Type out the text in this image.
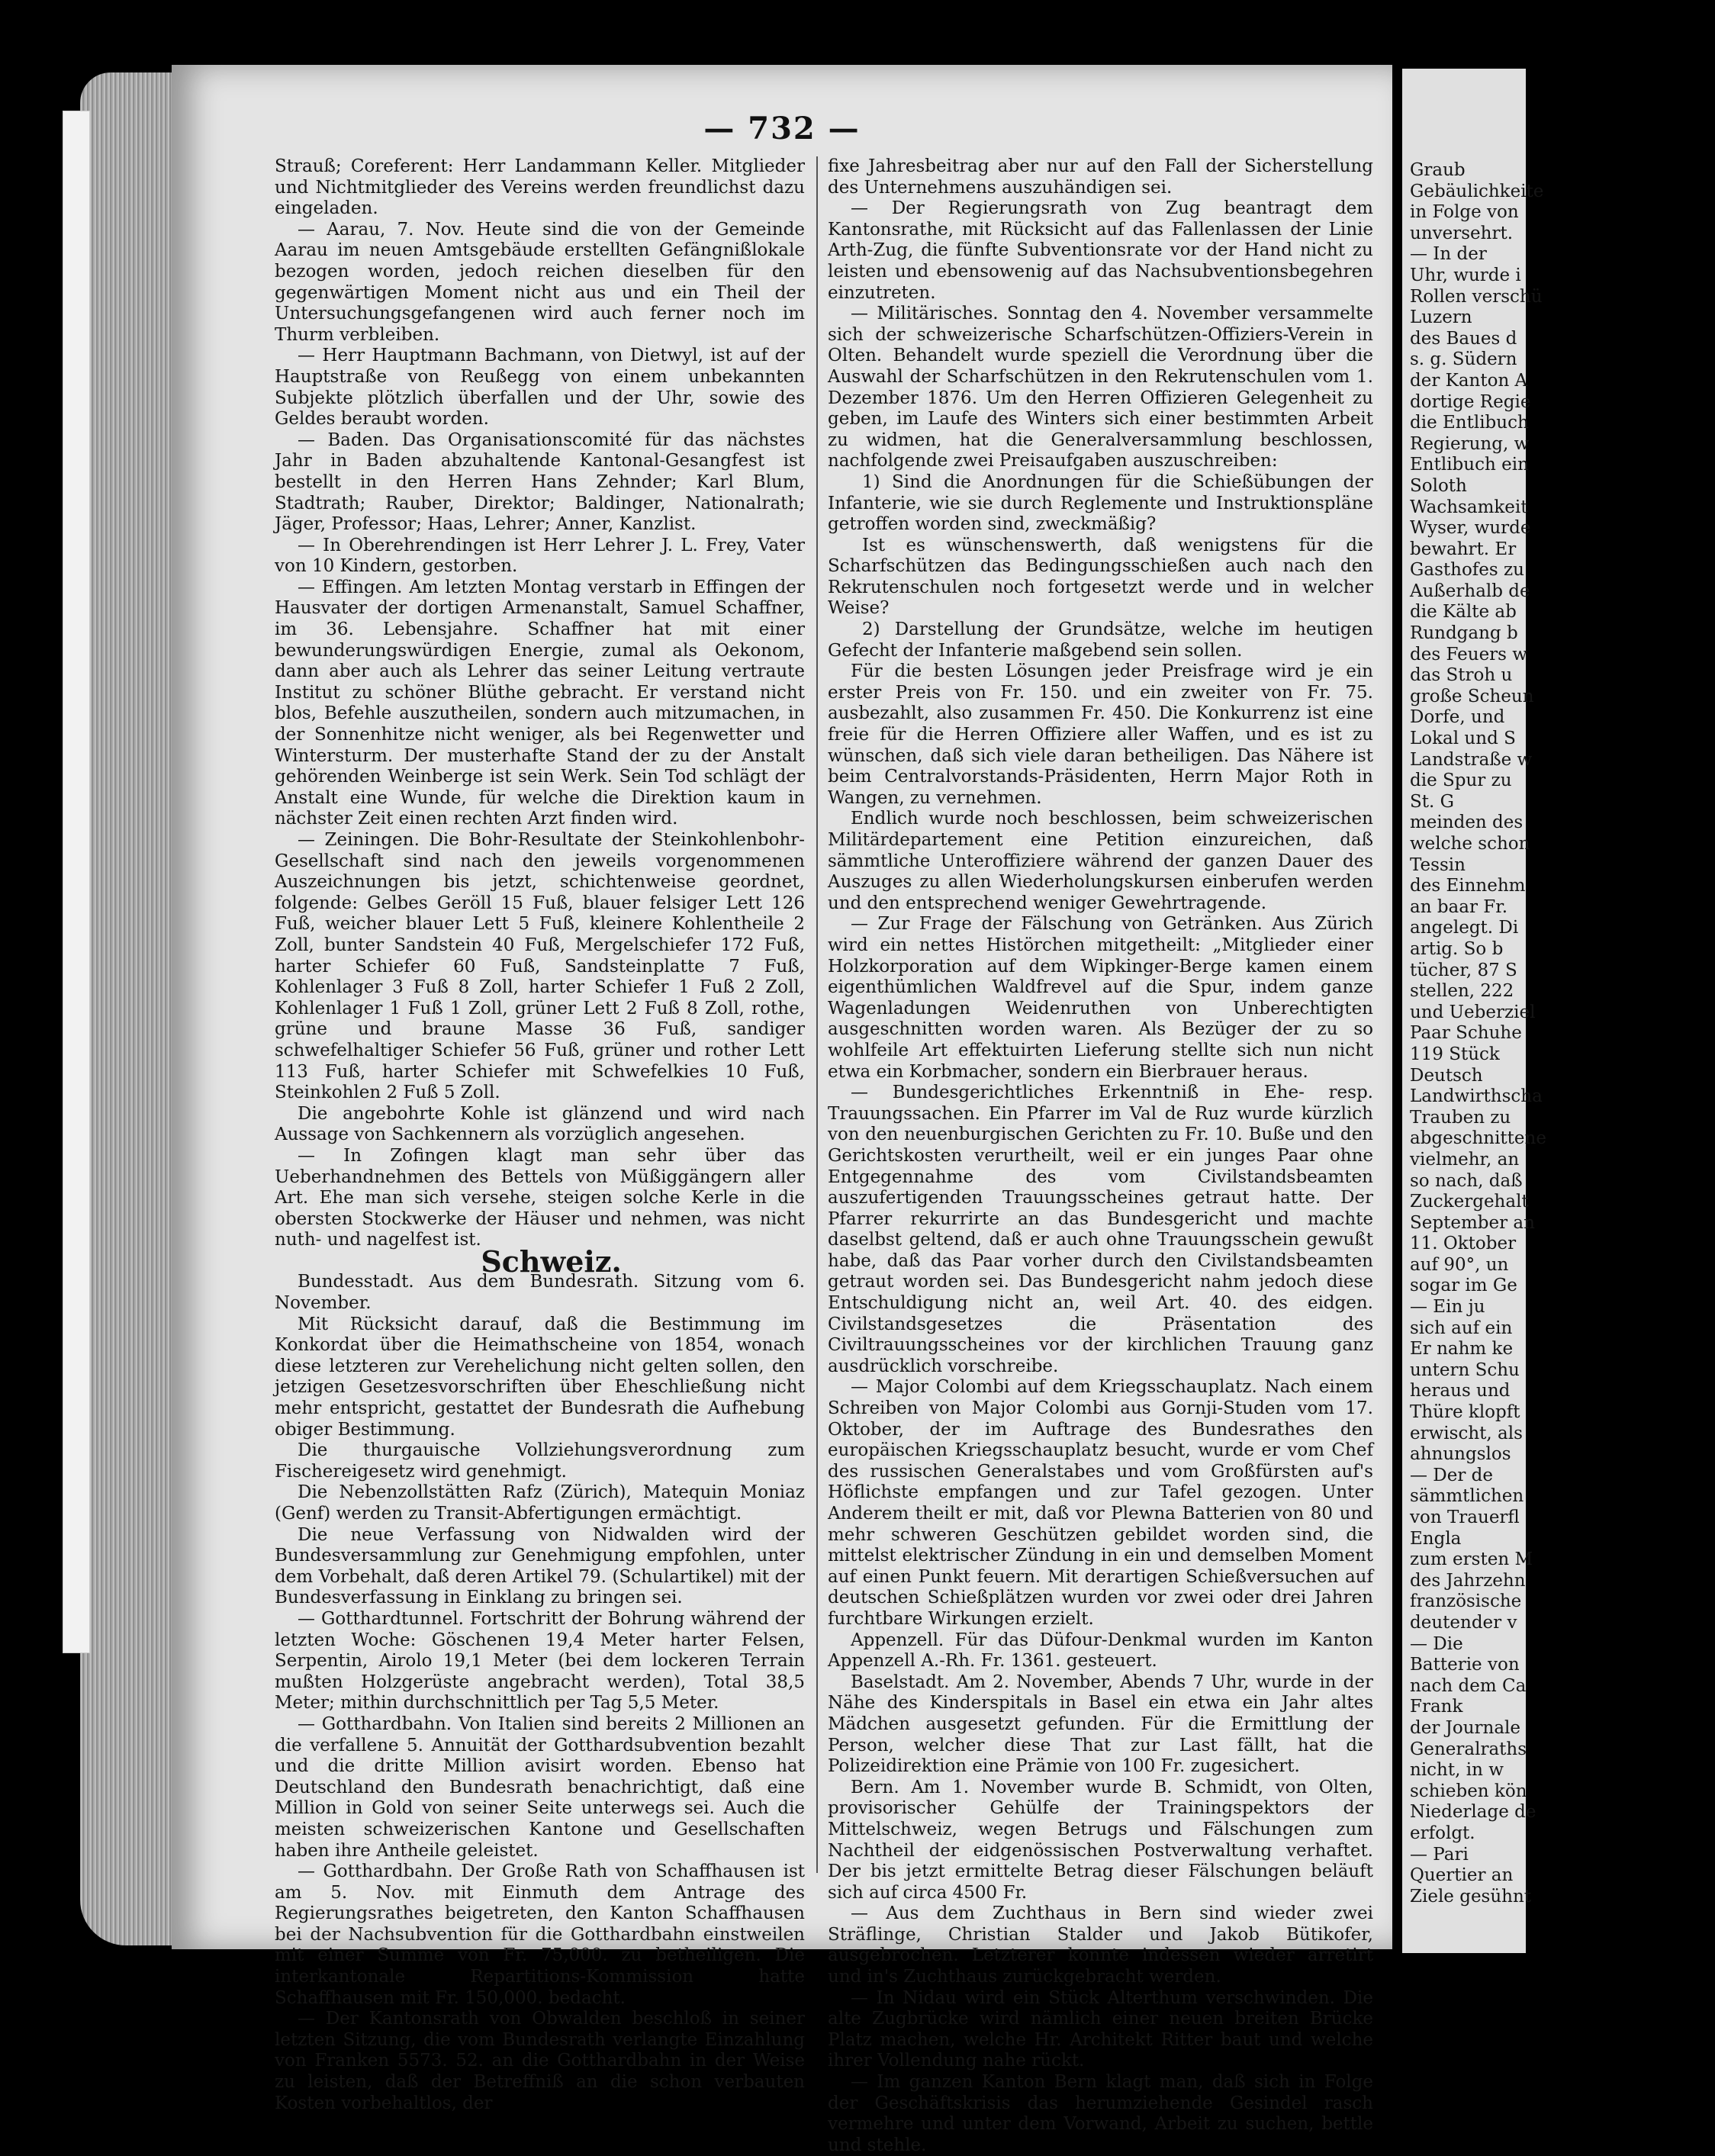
— 732 —

Strauß; Coreferent: Herr Landammann Keller. Mitglieder und Nichtmitglieder des Vereins werden freundlichst dazu eingeladen.

— Aarau, 7. Nov. Heute sind die von der Gemeinde Aarau im neuen Amtsgebäude erstellten Gefängnißlokale bezogen worden, jedoch reichen dieselben für den gegenwärtigen Moment nicht aus und ein Theil der Untersuchungsgefangenen wird auch ferner noch im Thurm verbleiben.

— Herr Hauptmann Bachmann, von Dietwyl, ist auf der Hauptstraße von Reußegg von einem unbekannten Subjekte plötzlich überfallen und der Uhr, sowie des Geldes beraubt worden.

— Baden. Das Organisationscomité für das nächstes Jahr in Baden abzuhaltende Kantonal-Gesangfest ist bestellt in den Herren Hans Zehnder; Karl Blum, Stadtrath; Rauber, Direktor; Baldinger, Nationalrath; Jäger, Professor; Haas, Lehrer; Anner, Kanzlist.

— In Oberehrendingen ist Herr Lehrer J. L. Frey, Vater von 10 Kindern, gestorben.

— Effingen. Am letzten Montag verstarb in Effingen der Hausvater der dortigen Armenanstalt, Samuel Schaffner, im 36. Lebensjahre. Schaffner hat mit einer bewunderungswürdigen Energie, zumal als Oekonom, dann aber auch als Lehrer das seiner Leitung vertraute Institut zu schöner Blüthe gebracht. Er verstand nicht blos, Befehle auszutheilen, sondern auch mitzumachen, in der Sonnenhitze nicht weniger, als bei Regenwetter und Wintersturm. Der musterhafte Stand der zu der Anstalt gehörenden Weinberge ist sein Werk. Sein Tod schlägt der Anstalt eine Wunde, für welche die Direktion kaum in nächster Zeit einen rechten Arzt finden wird.

— Zeiningen. Die Bohr-Resultate der Steinkohlenbohr-Gesellschaft sind nach den jeweils vorgenommenen Auszeichnungen bis jetzt, schichtenweise geordnet, folgende: Gelbes Geröll 15 Fuß, blauer felsiger Lett 126 Fuß, weicher blauer Lett 5 Fuß, kleinere Kohlentheile 2 Zoll, bunter Sandstein 40 Fuß, Mergelschiefer 172 Fuß, harter Schiefer 60 Fuß, Sandsteinplatte 7 Fuß, Kohlenlager 3 Fuß 8 Zoll, harter Schiefer 1 Fuß 2 Zoll, Kohlenlager 1 Fuß 1 Zoll, grüner Lett 2 Fuß 8 Zoll, rothe, grüne und braune Masse 36 Fuß, sandiger schwefelhaltiger Schiefer 56 Fuß, grüner und rother Lett 113 Fuß, harter Schiefer mit Schwefelkies 10 Fuß, Steinkohlen 2 Fuß 5 Zoll.

Die angebohrte Kohle ist glänzend und wird nach Aussage von Sachkennern als vorzüglich angesehen.

— In Zofingen klagt man sehr über das Ueberhandnehmen des Bettels von Müßiggängern aller Art. Ehe man sich versehe, steigen solche Kerle in die obersten Stockwerke der Häuser und nehmen, was nicht nuth- und nagelfest ist.

Schweiz.

Bundesstadt. Aus dem Bundesrath. Sitzung vom 6. November.

Mit Rücksicht darauf, daß die Bestimmung im Konkordat über die Heimathscheine von 1854, wonach diese letzteren zur Verehelichung nicht gelten sollen, den jetzigen Gesetzesvorschriften über Eheschließung nicht mehr entspricht, gestattet der Bundesrath die Aufhebung obiger Bestimmung.

Die thurgauische Vollziehungsverordnung zum Fischereigesetz wird genehmigt.

Die Nebenzollstätten Rafz (Zürich), Matequin Moniaz (Genf) werden zu Transit-Abfertigungen ermächtigt.

Die neue Verfassung von Nidwalden wird der Bundesversammlung zur Genehmigung empfohlen, unter dem Vorbehalt, daß deren Artikel 79. (Schulartikel) mit der Bundesverfassung in Einklang zu bringen sei.

— Gotthardtunnel. Fortschritt der Bohrung während der letzten Woche: Göschenen 19,4 Meter harter Felsen, Serpentin, Airolo 19,1 Meter (bei dem lockeren Terrain mußten Holzgerüste angebracht werden), Total 38,5 Meter; mithin durchschnittlich per Tag 5,5 Meter.

— Gotthardbahn. Von Italien sind bereits 2 Millionen an die verfallene 5. Annuität der Gotthardsubvention bezahlt und die dritte Million avisirt worden. Ebenso hat Deutschland den Bundesrath benachrichtigt, daß eine Million in Gold von seiner Seite unterwegs sei. Auch die meisten schweizerischen Kantone und Gesellschaften haben ihre Antheile geleistet.

— Gotthardbahn. Der Große Rath von Schaffhausen ist am 5. Nov. mit Einmuth dem Antrage des Regierungsrathes beigetreten, den Kanton Schaffhausen bei der Nachsubvention für die Gotthardbahn einstweilen mit einer Summe von Fr. 75,000. zu betheiligen. Die interkantonale Repartitions-Kommission hatte Schaffhausen mit Fr. 150,000. bedacht.

— Der Kantonsrath von Obwalden beschloß in seiner letzten Sitzung, die vom Bundesrath verlangte Einzahlung von Franken 5573. 52. an die Gotthardbahn in der Weise zu leisten, daß der Betreffniß an die schon verbauten Kosten vorbehaltlos, der

fixe Jahresbeitrag aber nur auf den Fall der Sicherstellung des Unternehmens auszuhändigen sei.

— Der Regierungsrath von Zug beantragt dem Kantonsrathe, mit Rücksicht auf das Fallenlassen der Linie Arth-Zug, die fünfte Subventionsrate vor der Hand nicht zu leisten und ebensowenig auf das Nachsubventionsbegehren einzutreten.

— Militärisches. Sonntag den 4. November versammelte sich der schweizerische Scharfschützen-Offiziers-Verein in Olten. Behandelt wurde speziell die Verordnung über die Auswahl der Scharfschützen in den Rekrutenschulen vom 1. Dezember 1876. Um den Herren Offizieren Gelegenheit zu geben, im Laufe des Winters sich einer bestimmten Arbeit zu widmen, hat die Generalversammlung beschlossen, nachfolgende zwei Preisaufgaben auszuschreiben:

1) Sind die Anordnungen für die Schießübungen der Infanterie, wie sie durch Reglemente und Instruktionspläne getroffen worden sind, zweckmäßig?

Ist es wünschenswerth, daß wenigstens für die Scharfschützen das Bedingungsschießen auch nach den Rekrutenschulen noch fortgesetzt werde und in welcher Weise?

2) Darstellung der Grundsätze, welche im heutigen Gefecht der Infanterie maßgebend sein sollen.

Für die besten Lösungen jeder Preisfrage wird je ein erster Preis von Fr. 150. und ein zweiter von Fr. 75. ausbezahlt, also zusammen Fr. 450. Die Konkurrenz ist eine freie für die Herren Offiziere aller Waffen, und es ist zu wünschen, daß sich viele daran betheiligen. Das Nähere ist beim Centralvorstands-Präsidenten, Herrn Major Roth in Wangen, zu vernehmen.

Endlich wurde noch beschlossen, beim schweizerischen Militärdepartement eine Petition einzureichen, daß sämmtliche Unteroffiziere während der ganzen Dauer des Auszuges zu allen Wiederholungskursen einberufen werden und den entsprechend weniger Gewehrtragende.

— Zur Frage der Fälschung von Getränken. Aus Zürich wird ein nettes Histörchen mitgetheilt: „Mitglieder einer Holzkorporation auf dem Wipkinger-Berge kamen einem eigenthümlichen Waldfrevel auf die Spur, indem ganze Wagenladungen Weidenruthen von Unberechtigten ausgeschnitten worden waren. Als Bezüger der zu so wohlfeile Art effektuirten Lieferung stellte sich nun nicht etwa ein Korbmacher, sondern ein Bierbrauer heraus.

— Bundesgerichtliches Erkenntniß in Ehe- resp. Trauungssachen. Ein Pfarrer im Val de Ruz wurde kürzlich von den neuenburgischen Gerichten zu Fr. 10. Buße und den Gerichtskosten verurtheilt, weil er ein junges Paar ohne Entgegennahme des vom Civilstandsbeamten auszufertigenden Trauungsscheines getraut hatte. Der Pfarrer rekurrirte an das Bundesgericht und machte daselbst geltend, daß er auch ohne Trauungsschein gewußt habe, daß das Paar vorher durch den Civilstandsbeamten getraut worden sei. Das Bundesgericht nahm jedoch diese Entschuldigung nicht an, weil Art. 40. des eidgen. Civilstandsgesetzes die Präsentation des Civiltrauungsscheines vor der kirchlichen Trauung ganz ausdrücklich vorschreibe.

— Major Colombi auf dem Kriegsschauplatz. Nach einem Schreiben von Major Colombi aus Gornji-Studen vom 17. Oktober, der im Auftrage des Bundesrathes den europäischen Kriegsschauplatz besucht, wurde er vom Chef des russischen Generalstabes und vom Großfürsten auf's Höflichste empfangen und zur Tafel gezogen. Unter Anderem theilt er mit, daß vor Plewna Batterien von 80 und mehr schweren Geschützen gebildet worden sind, die mittelst elektrischer Zündung in ein und demselben Moment auf einen Punkt feuern. Mit derartigen Schießversuchen auf deutschen Schießplätzen wurden vor zwei oder drei Jahren furchtbare Wirkungen erzielt.

Appenzell. Für das Düfour-Denkmal wurden im Kanton Appenzell A.-Rh. Fr. 1361. gesteuert.

Baselstadt. Am 2. November, Abends 7 Uhr, wurde in der Nähe des Kinderspitals in Basel ein etwa ein Jahr altes Mädchen ausgesetzt gefunden. Für die Ermittlung der Person, welcher diese That zur Last fällt, hat die Polizeidirektion eine Prämie von 100 Fr. zugesichert.

Bern. Am 1. November wurde B. Schmidt, von Olten, provisorischer Gehülfe der Trainingspektors der Mittelschweiz, wegen Betrugs und Fälschungen zum Nachtheil der eidgenössischen Postverwaltung verhaftet. Der bis jetzt ermittelte Betrag dieser Fälschungen beläuft sich auf circa 4500 Fr.

— Aus dem Zuchthaus in Bern sind wieder zwei Sträflinge, Christian Stalder und Jakob Bütikofer, ausgebrochen. Letzterer konnte indessen wieder arretirt und in's Zuchthaus zurückgebracht werden.

— In Nidau wird ein Stück Alterthum verschwinden. Die alte Zugbrücke wird nämlich einer neuen breiten Brücke Platz machen, welche Hr. Architekt Ritter baut und welche ihrer Vollendung nahe rückt.

— Im ganzen Kanton Bern klagt man, daß sich in Folge der Geschäftskrisis das herumziehende Gesindel rasch vermehre und unter dem Vorwand, Arbeit zu suchen, bettle und stehle.

Graub
Gebäulichkeite
in Folge von
unversehrt.
— In der
Uhr, wurde i
Rollen verschü
Luzern
des Baues d
s. g. Südern
der Kanton A
dortige Regie
die Entlibuch
Regierung, w
Entlibuch ein
Soloth
Wachsamkeit
Wyser, wurde
bewahrt. Er
Gasthofes zu
Außerhalb de
die Kälte ab
Rundgang b
des Feuers w
das Stroh u
große Scheun
Dorfe, und
Lokal und S
Landstraße w
die Spur zu
St. G
meinden des
welche schon
Tessin
des Einnehm
an baar Fr.
angelegt. Di
artig. So b
tücher, 87 S
stellen, 222
und Ueberziel
Paar Schuhe
119 Stück
Deutsch
Landwirthscha
Trauben zu
abgeschnittene
vielmehr, an
so nach, daß
Zuckergehalt
September an
11. Oktober
auf 90°, un
sogar im Ge
— Ein ju
sich auf ein
Er nahm ke
untern Schu
heraus und
Thüre klopft
erwischt, als
ahnungslos
— Der de
sämmtlichen
von Trauerfl
Engla
zum ersten M
des Jahrzehn
französische
deutender v
— Die
Batterie von
nach dem Ca
Frank
der Journale
Generalraths
nicht, in w
schieben kön
Niederlage de
erfolgt.
— Pari
Quertier an
Ziele gesühnt
